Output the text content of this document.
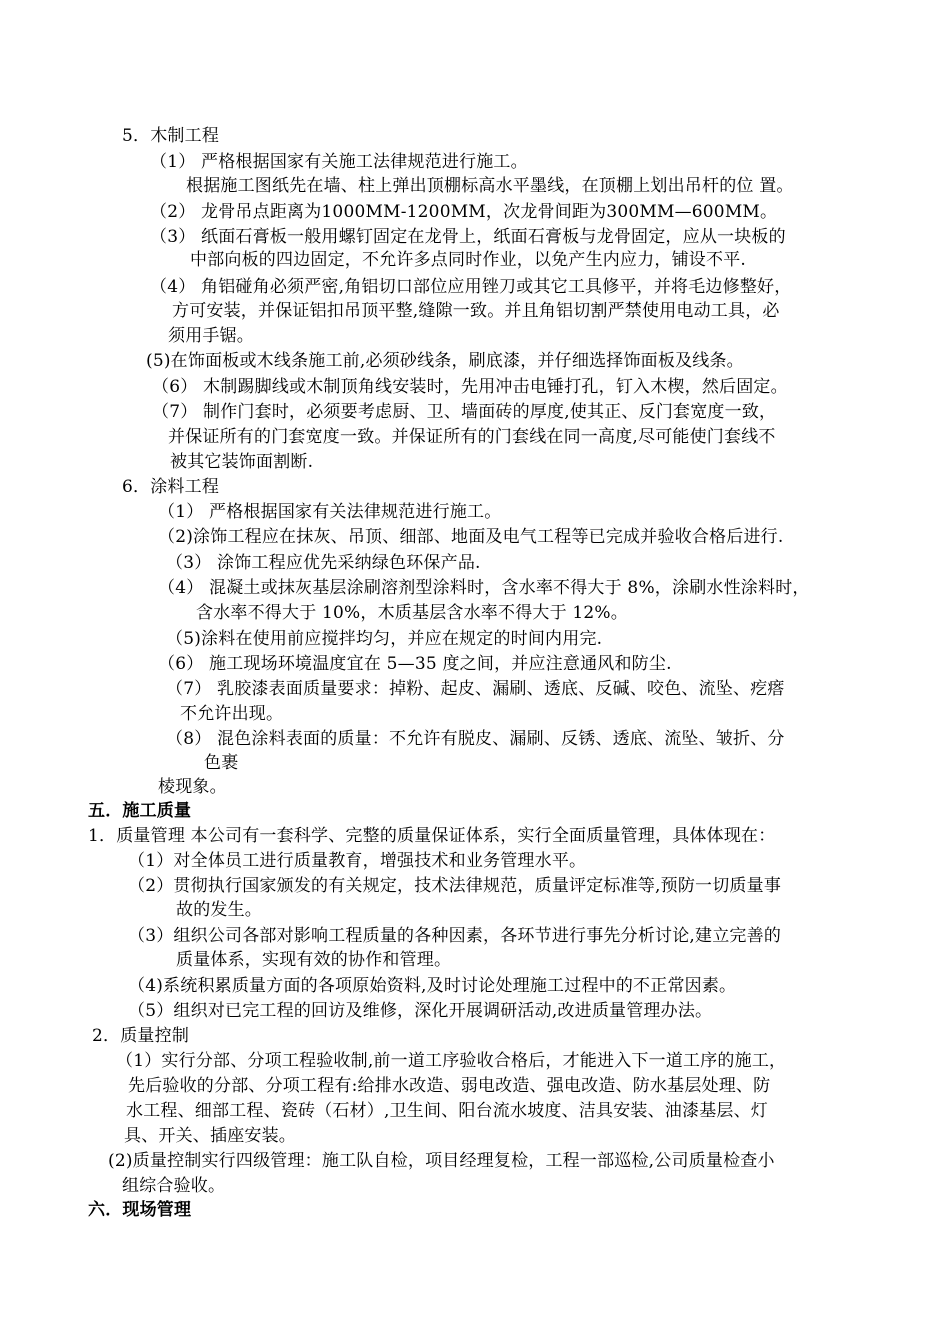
5．木制工程
（1） 严格根据国家有关施工法律规范进行施工。
根据施工图纸先在墙、柱上弹出顶棚标高水平墨线，在顶棚上划出吊杆的位 置。
（2） 龙骨吊点距离为1000MM-1200MM，次龙骨间距为300MM—600MM。
（3） 纸面石膏板一般用螺钉固定在龙骨上，纸面石膏板与龙骨固定，应从一块板的
中部向板的四边固定，不允许多点同时作业，以免产生内应力，铺设不平.
（4） 角铝碰角必须严密,角铝切口部位应用锉刀或其它工具修平，并将毛边修整好，
方可安装，并保证铝扣吊顶平整,缝隙一致。并且角铝切割严禁使用电动工具，必
须用手锯。
(5)在饰面板或木线条施工前,必须砂线条，刷底漆，并仔细选择饰面板及线条。
（6） 木制踢脚线或木制顶角线安装时，先用冲击电锤打孔，钉入木楔，然后固定。
（7） 制作门套时，必须要考虑厨、卫、墙面砖的厚度,使其正、反门套宽度一致，
并保证所有的门套宽度一致。并保证所有的门套线在同一高度,尽可能使门套线不
被其它装饰面割断.
6．涂料工程
（1） 严格根据国家有关法律规范进行施工。
（2)涂饰工程应在抹灰、吊顶、细部、地面及电气工程等已完成并验收合格后进行.
（3） 涂饰工程应优先采纳绿色环保产品.
（4） 混凝土或抹灰基层涂刷溶剂型涂料时，含水率不得大于 8%，涂刷水性涂料时，
含水率不得大于 10%，木质基层含水率不得大于 12%。
（5)涂料在使用前应搅拌均匀，并应在规定的时间内用完.
（6） 施工现场环境温度宜在 5—35 度之间，并应注意通风和防尘.
（7） 乳胶漆表面质量要求：掉粉、起皮、漏刷、透底、反碱、咬色、流坠、疙瘩
不允许出现。
（8） 混色涂料表面的质量：不允许有脱皮、漏刷、反锈、透底、流坠、皱折、分
色裹
棱现象。
五．施工质量
1．质量管理 本公司有一套科学、完整的质量保证体系，实行全面质量管理，具体体现在：
（1）对全体员工进行质量教育，增强技术和业务管理水平。
（2）贯彻执行国家颁发的有关规定，技术法律规范，质量评定标准等,预防一切质量事
故的发生。
（3）组织公司各部对影响工程质量的各种因素，各环节进行事先分析讨论,建立完善的
质量体系，实现有效的协作和管理。
（4)系统积累质量方面的各项原始资料,及时讨论处理施工过程中的不正常因素。
（5）组织对已完工程的回访及维修，深化开展调研活动,改进质量管理办法。
2．质量控制
（1）实行分部、分项工程验收制,前一道工序验收合格后，才能进入下一道工序的施工，
先后验收的分部、分项工程有:给排水改造、弱电改造、强电改造、防水基层处理、防
水工程、细部工程、瓷砖（石材）,卫生间、阳台流水坡度、洁具安装、油漆基层、灯
具、开关、插座安装。
(2)质量控制实行四级管理：施工队自检，项目经理复检，工程一部巡检,公司质量检查小
组综合验收。
六．现场管理
